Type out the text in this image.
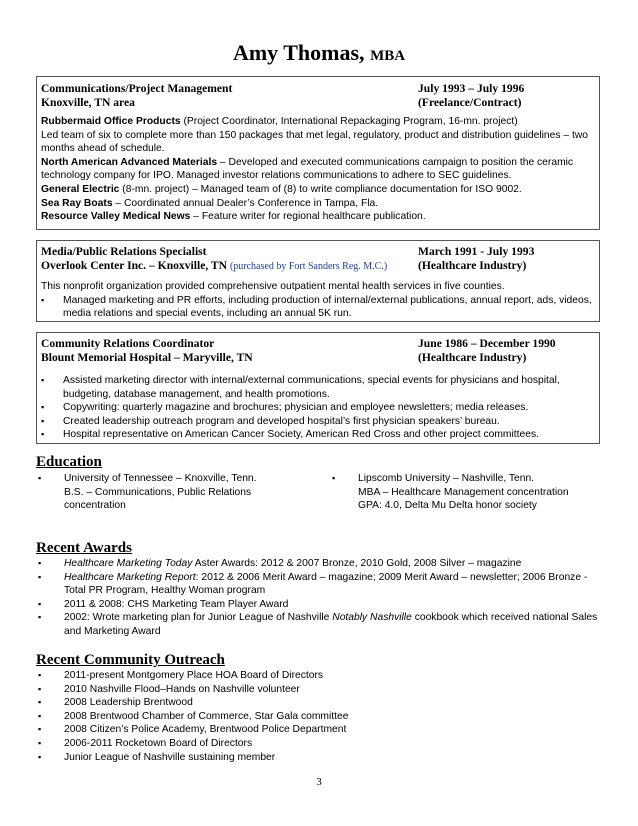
Amy Thomas, MBA
Communications/Project Management	July 1993 – July 1996
Knoxville, TN area	(Freelance/Contract)
Rubbermaid Office Products (Project Coordinator, International Repackaging Program, 16-mn. project)
Led team of six to complete more than 150 packages that met legal, regulatory, product and distribution guidelines – two months ahead of schedule.
North American Advanced Materials – Developed and executed communications campaign to position the ceramic technology company for IPO. Managed investor relations communications to adhere to SEC guidelines.
General Electric (8-mn. project) – Managed team of (8) to write compliance documentation for ISO 9002.
Sea Ray Boats – Coordinated annual Dealer’s Conference in Tampa, Fla.
Resource Valley Medical News – Feature writer for regional healthcare publication.
Media/Public Relations Specialist	March 1991 - July 1993
Overlook Center Inc. – Knoxville, TN (purchased by Fort Sanders Reg. M.C.)	(Healthcare Industry)
This nonprofit organization provided comprehensive outpatient mental health services in five counties.
▪ Managed marketing and PR efforts, including production of internal/external publications, annual report, ads, videos, media relations and special events, including an annual 5K run.
Community Relations Coordinator	June 1986 – December 1990
Blount Memorial Hospital – Maryville, TN	(Healthcare Industry)
▪ Assisted marketing director with internal/external communications, special events for physicians and hospital, budgeting, database management, and health promotions.
▪ Copywriting: quarterly magazine and brochures; physician and employee newsletters; media releases.
▪ Created leadership outreach program and developed hospital’s first physician speakers’ bureau.
▪ Hospital representative on American Cancer Society, American Red Cross and other project committees.
Education
▪ University of Tennessee – Knoxville, Tenn.
B.S. – Communications, Public Relations
concentration
▪ Lipscomb University – Nashville, Tenn.
MBA – Healthcare Management concentration
GPA: 4.0, Delta Mu Delta honor society
Recent Awards
▪ Healthcare Marketing Today Aster Awards: 2012 & 2007 Bronze, 2010 Gold, 2008 Silver – magazine
▪ Healthcare Marketing Report: 2012 & 2006 Merit Award – magazine; 2009 Merit Award – newsletter; 2006 Bronze - Total PR Program, Healthy Woman program
▪ 2011 & 2008: CHS Marketing Team Player Award
▪ 2002: Wrote marketing plan for Junior League of Nashville Notably Nashville cookbook which received national Sales and Marketing Award
Recent Community Outreach
▪ 2011-present Montgomery Place HOA Board of Directors
▪ 2010 Nashville Flood–Hands on Nashville volunteer
▪ 2008 Leadership Brentwood
▪ 2008 Brentwood Chamber of Commerce, Star Gala committee
▪ 2008 Citizen’s Police Academy, Brentwood Police Department
▪ 2006-2011 Rocketown Board of Directors
▪ Junior League of Nashville sustaining member
3
